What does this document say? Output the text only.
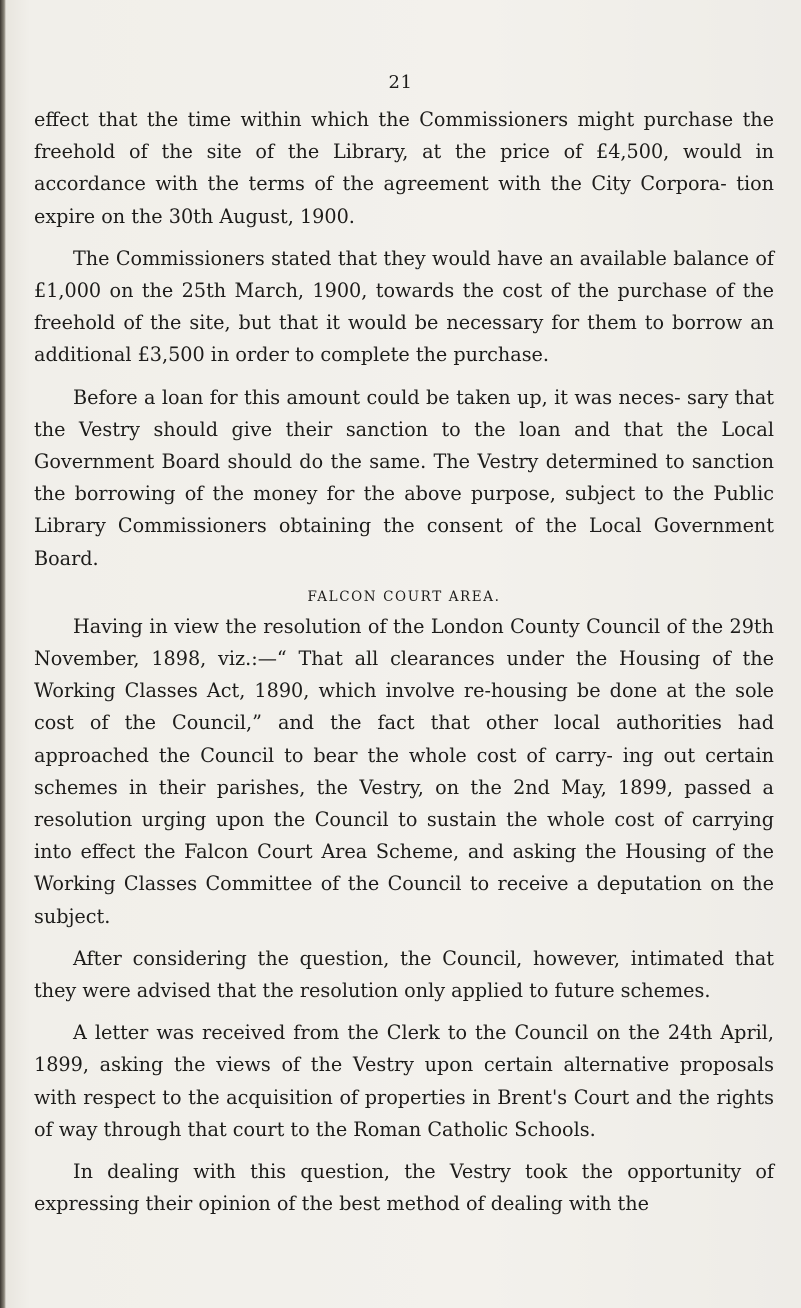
21

effect that the time within which the Commissioners might purchase the freehold of the site of the Library, at the price of £4,500, would in accordance with the terms of the agreement with the City Corpora- tion expire on the 30th August, 1900.

The Commissioners stated that they would have an available balance of £1,000 on the 25th March, 1900, towards the cost of the purchase of the freehold of the site, but that it would be necessary for them to borrow an additional £3,500 in order to complete the purchase.

Before a loan for this amount could be taken up, it was neces- sary that the Vestry should give their sanction to the loan and that the Local Government Board should do the same. The Vestry determined to sanction the borrowing of the money for the above purpose, subject to the Public Library Commissioners obtaining the consent of the Local Government Board.

FALCON COURT AREA.

Having in view the resolution of the London County Council of the 29th November, 1898, viz.:—“ That all clearances under the Housing of the Working Classes Act, 1890, which involve re-housing be done at the sole cost of the Council,” and the fact that other local authorities had approached the Council to bear the whole cost of carry- ing out certain schemes in their parishes, the Vestry, on the 2nd May, 1899, passed a resolution urging upon the Council to sustain the whole cost of carrying into effect the Falcon Court Area Scheme, and asking the Housing of the Working Classes Committee of the Council to receive a deputation on the subject.

After considering the question, the Council, however, intimated that they were advised that the resolution only applied to future schemes.

A letter was received from the Clerk to the Council on the 24th April, 1899, asking the views of the Vestry upon certain alternative proposals with respect to the acquisition of properties in Brent's Court and the rights of way through that court to the Roman Catholic Schools.

In dealing with this question, the Vestry took the opportunity of expressing their opinion of the best method of dealing with the
